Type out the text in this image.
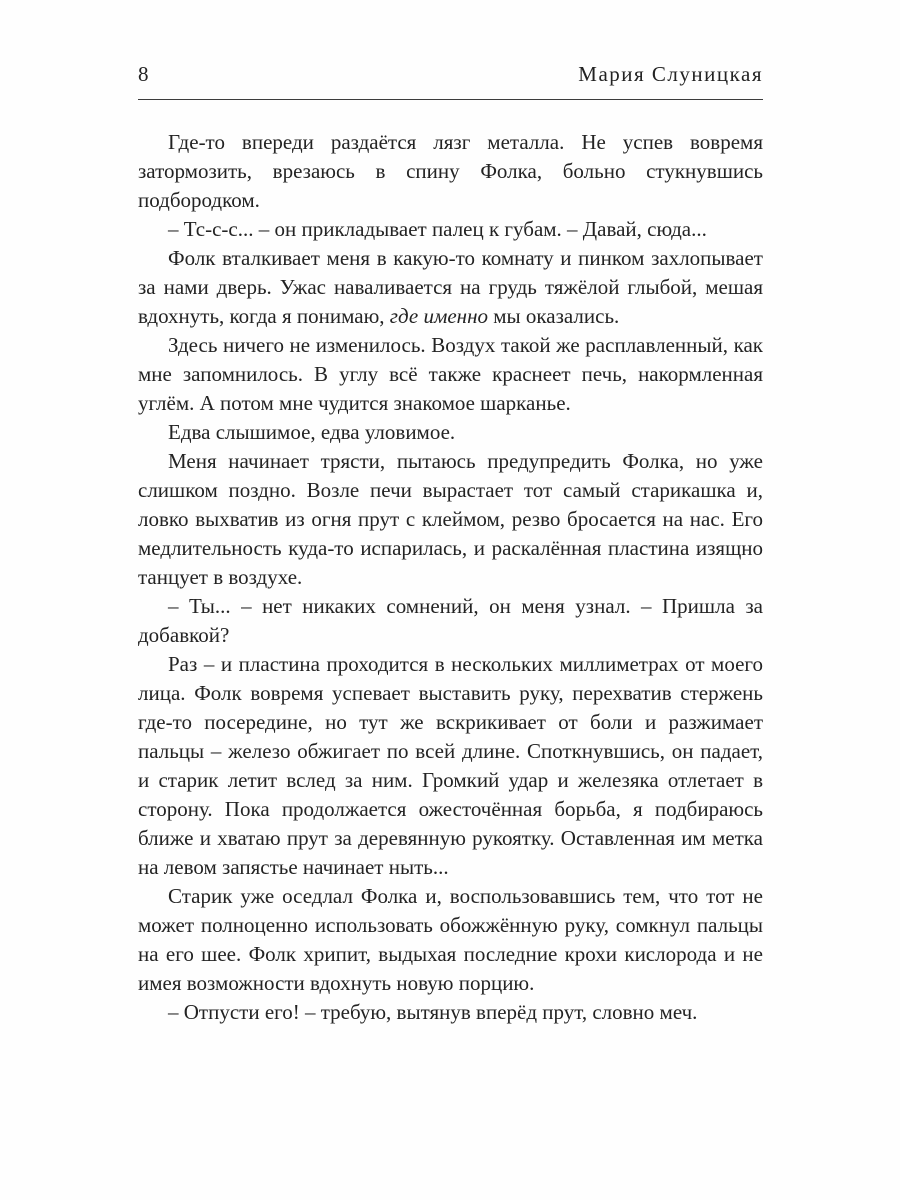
8	Мария Слуницкая

Где-то впереди раздаётся лязг металла. Не успев вовремя затормозить, врезаюсь в спину Фолка, больно стукнувшись подбородком.

– Тс-с-с... – он прикладывает палец к губам. – Давай, сюда...

Фолк вталкивает меня в какую-то комнату и пинком захлопывает за нами дверь. Ужас наваливается на грудь тяжёлой глыбой, мешая вдохнуть, когда я понимаю, где именно мы оказались.

Здесь ничего не изменилось. Воздух такой же расплавленный, как мне запомнилось. В углу всё также краснеет печь, накормленная углём. А потом мне чудится знакомое шарканье.

Едва слышимое, едва уловимое.

Меня начинает трясти, пытаюсь предупредить Фолка, но уже слишком поздно. Возле печи вырастает тот самый старикашка и, ловко выхватив из огня прут с клеймом, резво бросается на нас. Его медлительность куда-то испарилась, и раскалённая пластина изящно танцует в воздухе.

– Ты... – нет никаких сомнений, он меня узнал. – Пришла за добавкой?

Раз – и пластина проходится в нескольких миллиметрах от моего лица. Фолк вовремя успевает выставить руку, перехватив стержень где-то посередине, но тут же вскрикивает от боли и разжимает пальцы – железо обжигает по всей длине. Споткнувшись, он падает, и старик летит вслед за ним. Громкий удар и железяка отлетает в сторону. Пока продолжается ожесточённая борьба, я подбираюсь ближе и хватаю прут за деревянную рукоятку. Оставленная им метка на левом запястье начинает ныть...

Старик уже оседлал Фолка и, воспользовавшись тем, что тот не может полноценно использовать обожжённую руку, сомкнул пальцы на его шее. Фолк хрипит, выдыхая последние крохи кислорода и не имея возможности вдохнуть новую порцию.

– Отпусти его! – требую, вытянув вперёд прут, словно меч.
